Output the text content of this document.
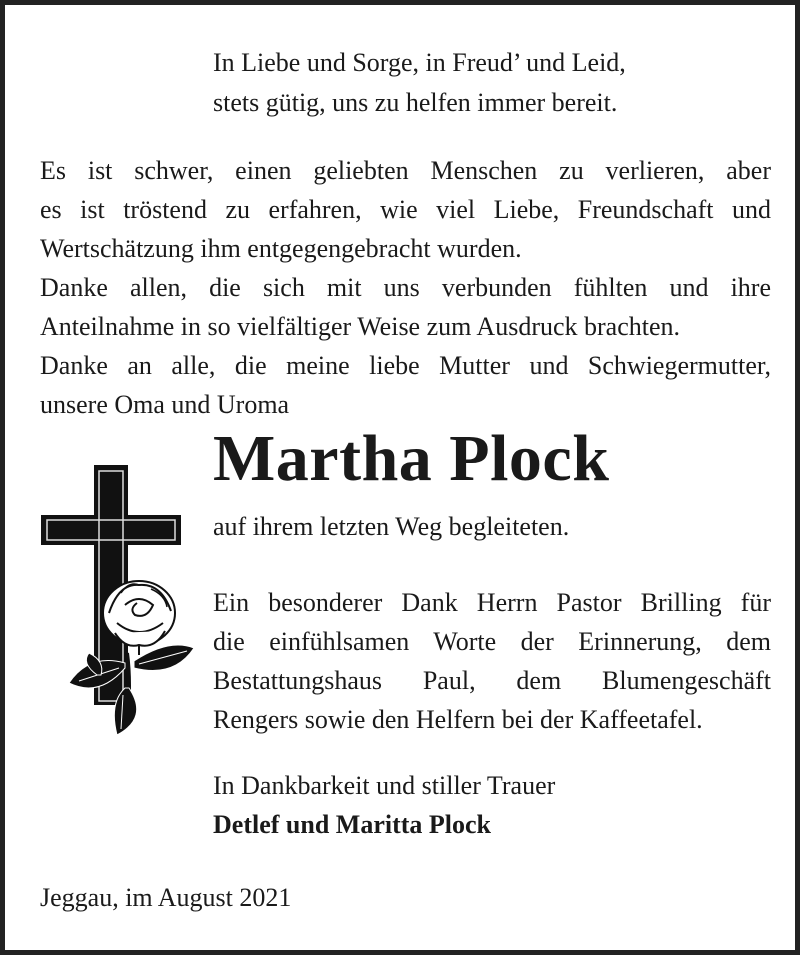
In Liebe und Sorge, in Freud’ und Leid,
stets gütig, uns zu helfen immer bereit.
Es ist schwer, einen geliebten Menschen zu verlieren, aber
es ist tröstend zu erfahren, wie viel Liebe, Freundschaft und
Wertschätzung ihm entgegengebracht wurden.
Danke allen, die sich mit uns verbunden fühlten und ihre
Anteilnahme in so vielfältiger Weise zum Ausdruck brachten.
Danke an alle, die meine liebe Mutter und Schwiegermutter,
unsere Oma und Uroma
Martha Plock
auf ihrem letzten Weg begleiteten.
Ein besonderer Dank Herrn Pastor Brilling für
die einfühlsamen Worte der Erinnerung, dem
Bestattungshaus Paul, dem Blumengeschäft
Rengers sowie den Helfern bei der Kaffeetafel.
In Dankbarkeit und stiller Trauer
Detlef und Maritta Plock
Jeggau, im August 2021
